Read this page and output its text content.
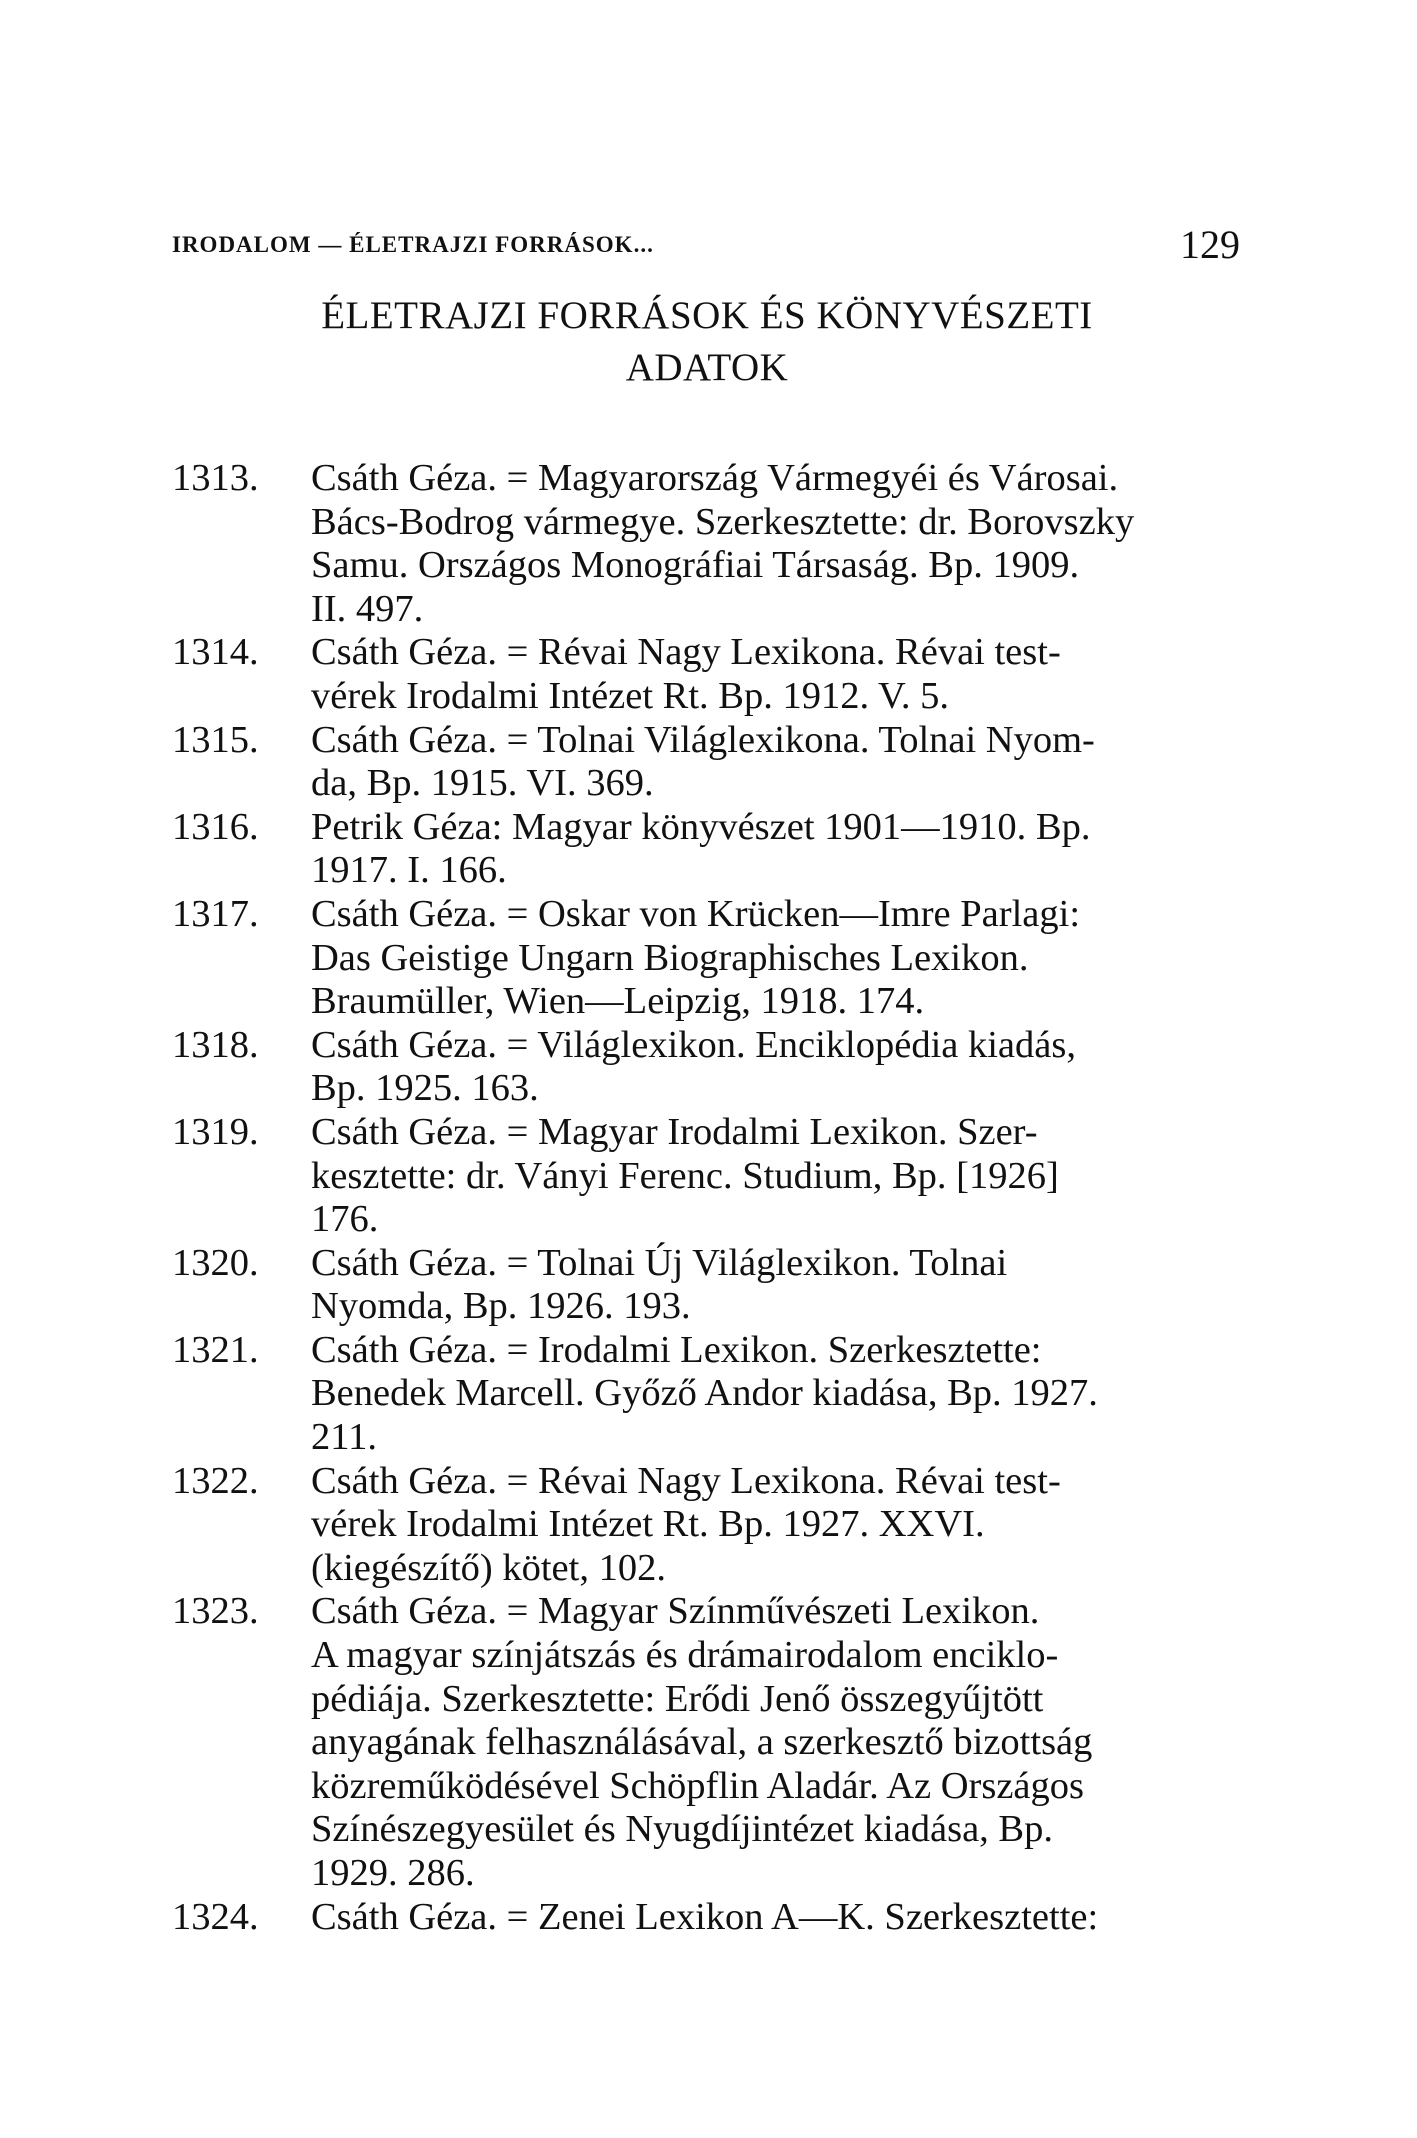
IRODALOM — ÉLETRAJZI FORRÁSOK...	129
ÉLETRAJZI FORRÁSOK ÉS KÖNYVÉSZETI
ADATOK
1313. Csáth Géza. = Magyarország Vármegyéi és Városai.
Bács-Bodrog vármegye. Szerkesztette: dr. Borovszky
Samu. Országos Monográfiai Társaság. Bp. 1909.
II. 497.
1314. Csáth Géza. = Révai Nagy Lexikona. Révai test-
vérek Irodalmi Intézet Rt. Bp. 1912. V. 5.
1315. Csáth Géza. = Tolnai Világlexikona. Tolnai Nyom-
da, Bp. 1915. VI. 369.
1316. Petrik Géza: Magyar könyvészet 1901—1910. Bp.
1917. I. 166.
1317. Csáth Géza. = Oskar von Krücken—Imre Parlagi:
Das Geistige Ungarn Biographisches Lexikon.
Braumüller, Wien—Leipzig, 1918. 174.
1318. Csáth Géza. = Világlexikon. Enciklopédia kiadás,
Bp. 1925. 163.
1319. Csáth Géza. = Magyar Irodalmi Lexikon. Szer-
kesztette: dr. Ványi Ferenc. Studium, Bp. [1926]
176.
1320. Csáth Géza. = Tolnai Új Világlexikon. Tolnai
Nyomda, Bp. 1926. 193.
1321. Csáth Géza. = Irodalmi Lexikon. Szerkesztette:
Benedek Marcell. Győző Andor kiadása, Bp. 1927.
211.
1322. Csáth Géza. = Révai Nagy Lexikona. Révai test-
vérek Irodalmi Intézet Rt. Bp. 1927. XXVI.
(kiegészítő) kötet, 102.
1323. Csáth Géza. = Magyar Színművészeti Lexikon.
A magyar színjátszás és drámairodalom enciklo-
pédiája. Szerkesztette: Erődi Jenő összegyűjtött
anyagának felhasználásával, a szerkesztő bizottság
közreműködésével Schöpflin Aladár. Az Országos
Színészegyesület és Nyugdíjintézet kiadása, Bp.
1929. 286.
1324. Csáth Géza. = Zenei Lexikon A—K. Szerkesztette:
